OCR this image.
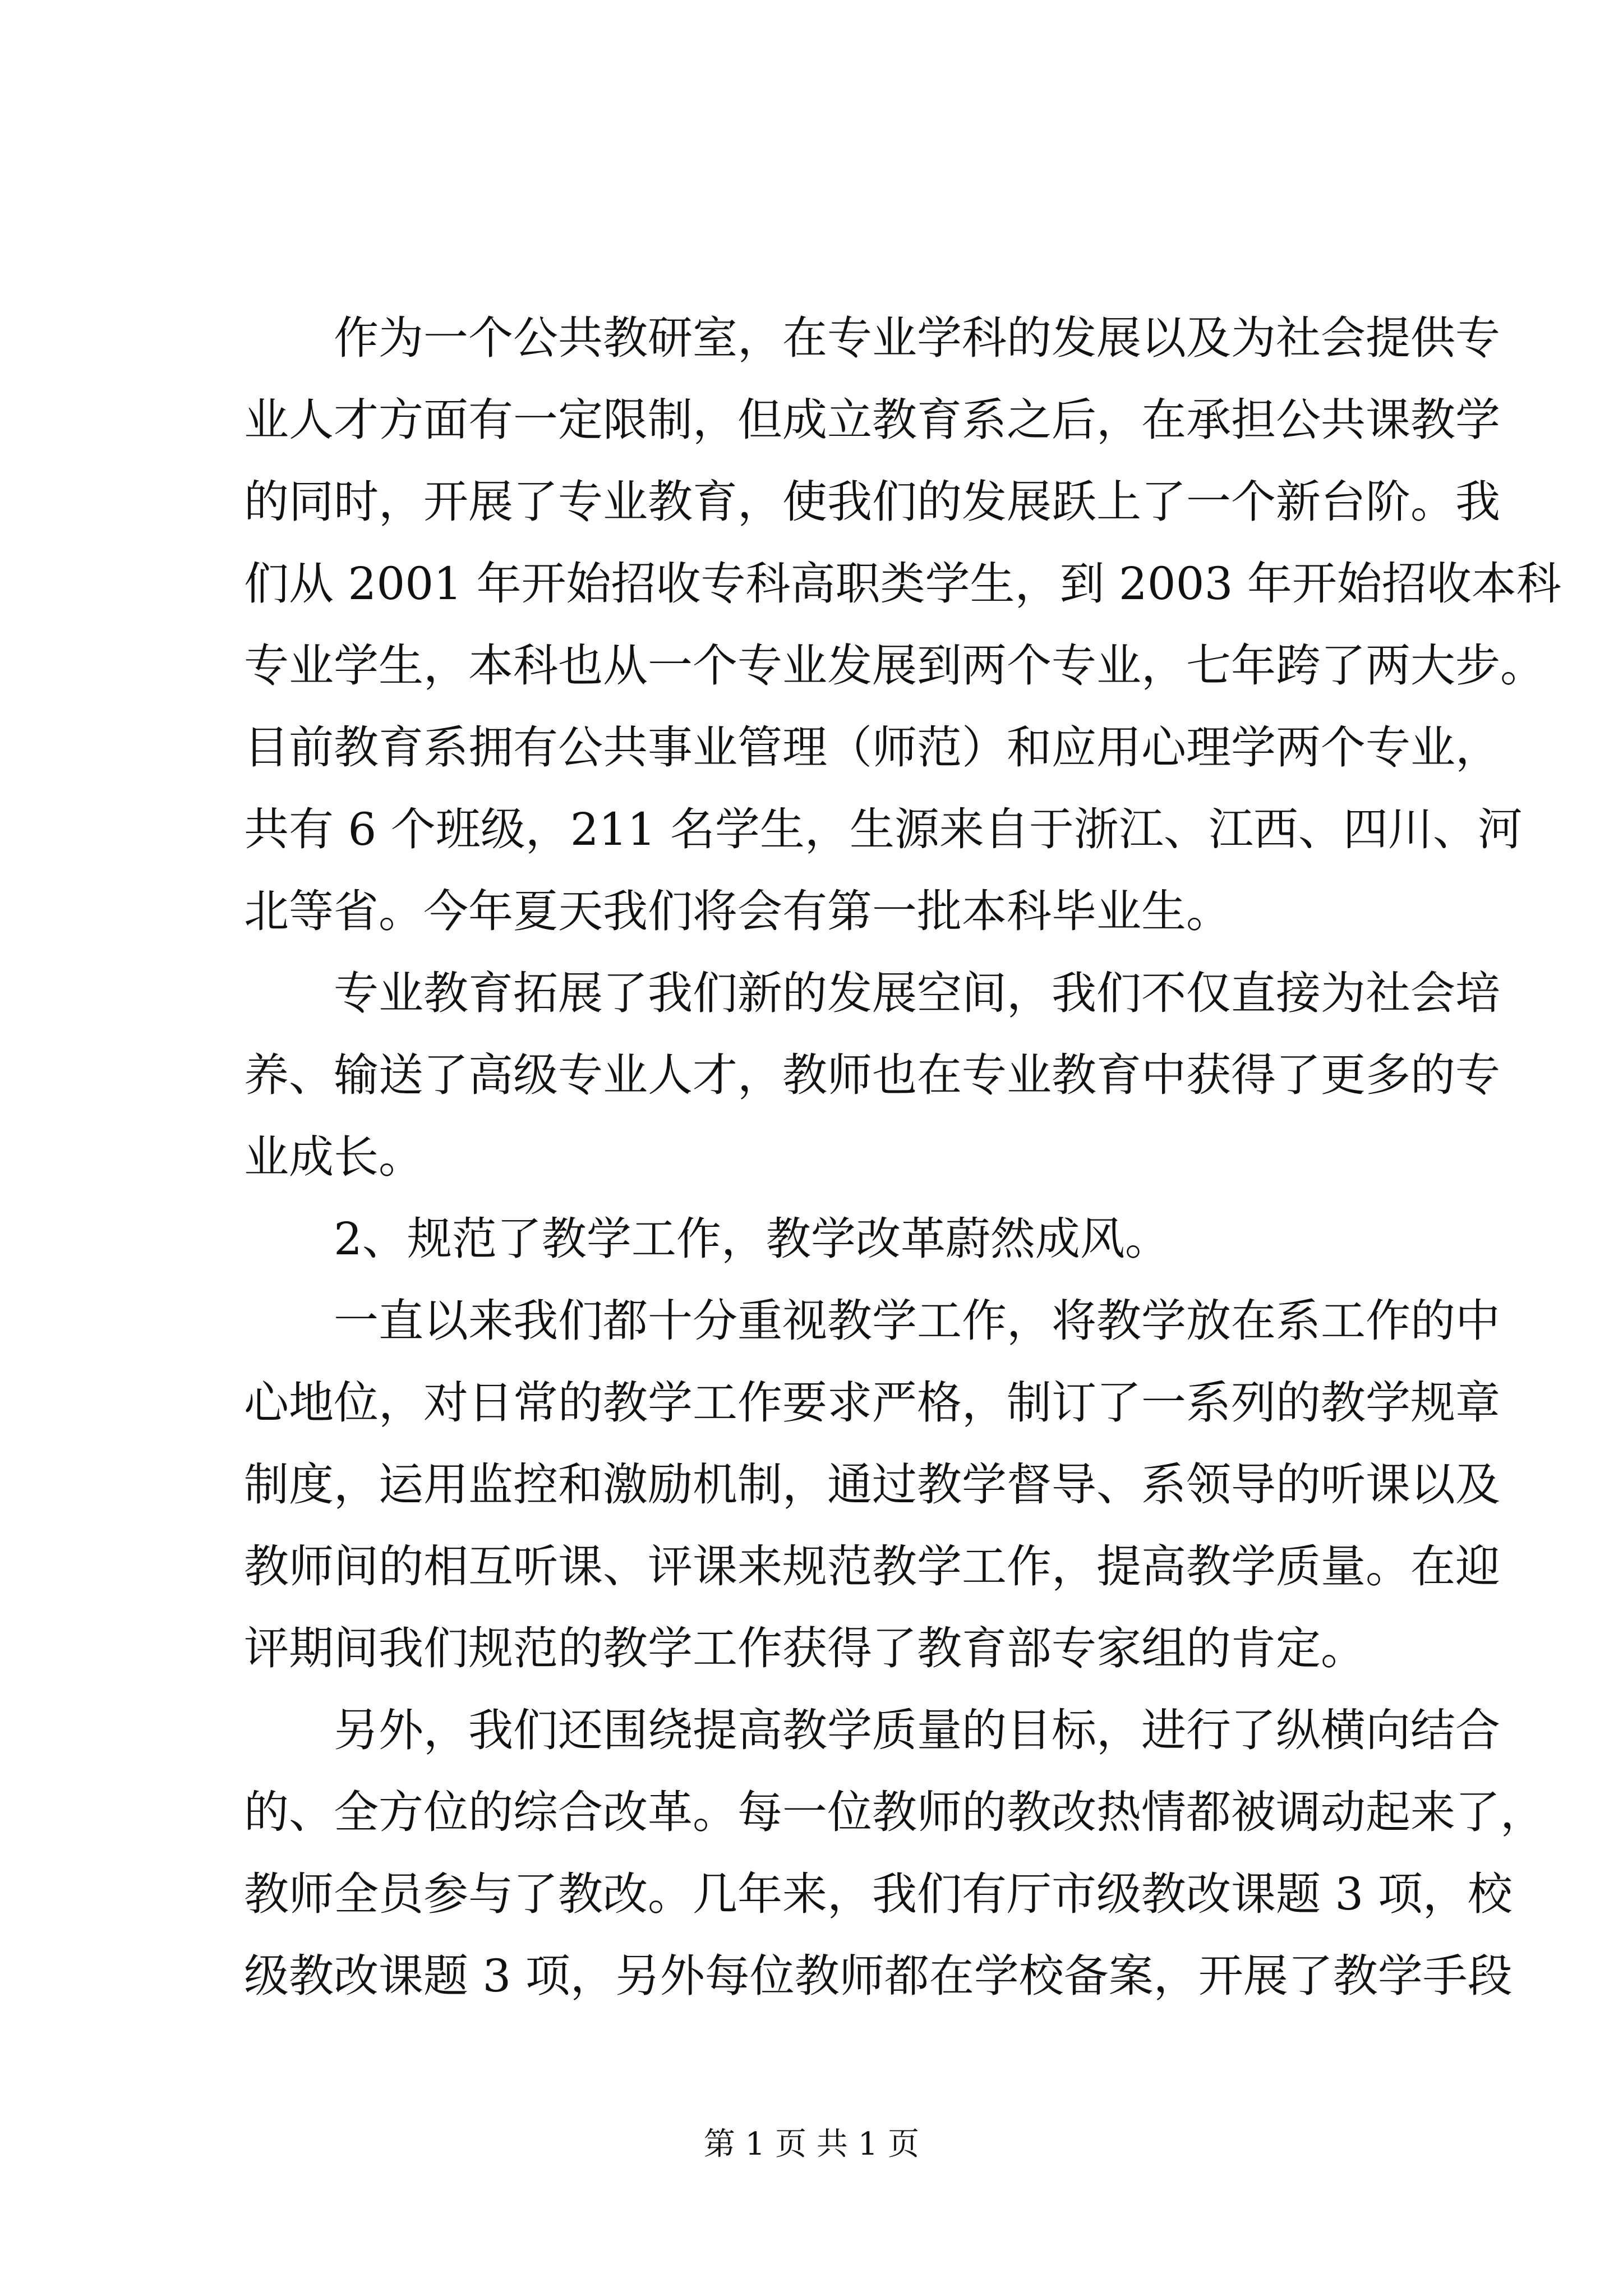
作为一个公共教研室，在专业学科的发展以及为社会提供专
业人才方面有一定限制，但成立教育系之后，在承担公共课教学
的同时，开展了专业教育，使我们的发展跃上了一个新台阶。我
们从 2001 年开始招收专科高职类学生，到 2003 年开始招收本科
专业学生，本科也从一个专业发展到两个专业，七年跨了两大步。
目前教育系拥有公共事业管理（师范）和应用心理学两个专业，
共有 6 个班级，211 名学生，生源来自于浙江、江西、四川、河
北等省。今年夏天我们将会有第一批本科毕业生。
专业教育拓展了我们新的发展空间，我们不仅直接为社会培
养、输送了高级专业人才，教师也在专业教育中获得了更多的专
业成长。
2、规范了教学工作，教学改革蔚然成风。
一直以来我们都十分重视教学工作，将教学放在系工作的中
心地位，对日常的教学工作要求严格，制订了一系列的教学规章
制度，运用监控和激励机制，通过教学督导、系领导的听课以及
教师间的相互听课、评课来规范教学工作，提高教学质量。在迎
评期间我们规范的教学工作获得了教育部专家组的肯定。
另外，我们还围绕提高教学质量的目标，进行了纵横向结合
的、全方位的综合改革。每一位教师的教改热情都被调动起来了，
教师全员参与了教改。几年来，我们有厅市级教改课题 3 项，校
级教改课题 3 项，另外每位教师都在学校备案，开展了教学手段
第 1 页 共 1 页
